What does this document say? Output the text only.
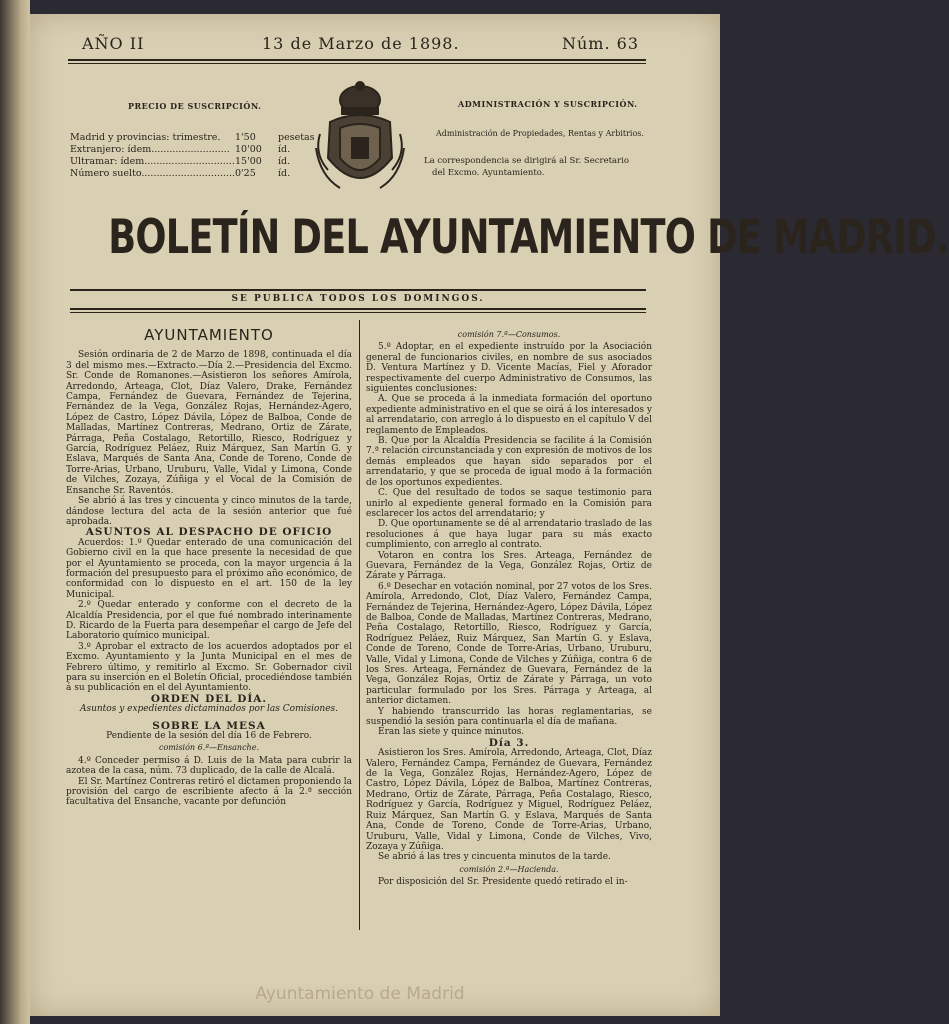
AÑO II	13 de Marzo de 1898.	Núm. 63
PRECIO DE SUSCRIPCIÓN.
Madrid y provincias: trimestre. 1'50 pesetas
Extranjero: ídem.......................... 10'00 íd.
Ultramar: ídem.............................. 15'00 íd.
Número suelto............................... 0'25 íd.
ADMINISTRACIÓN Y SUSCRIPCIÓN.
Administración de Propiedades, Rentas y Arbitrios.
La correspondencia se dirigirá al Sr. Secretario
del Excmo. Ayuntamiento.
BOLETÍN DEL AYUNTAMIENTO DE MADRID.
SE PUBLICA TODOS LOS DOMINGOS.

AYUNTAMIENTO

Sesión ordinaria de 2 de Marzo de 1898, continuada el día 3 del mismo mes.—Extracto.—Día 2.—Presidencia del Excmo. Sr. Conde de Romanones.—Asistieron los señores Amírola, Arredondo, Arteaga, Clot, Díaz Valero, Drake, Fernández Campa, Fernández de Guevara, Fernández de Tejerina, Fernández de la Vega, González Rojas, Hernández-Agero, López de Castro, López Dávila, López de Balboa, Conde de Malladas, Martínez Contreras, Medrano, Ortiz de Zárate, Párraga, Peña Costalago, Retortillo, Riesco, Rodríguez y García, Rodríguez Peláez, Ruiz Márquez, San Martín G. y Eslava, Marqués de Santa Ana, Conde de Toreno, Conde de Torre-Arias, Urbano, Uruburu, Valle, Vidal y Limona, Conde de Vilches, Zozaya, Zúñiga y el Vocal de la Comisión de Ensanche Sr. Raventós.

Se abrió á las tres y cincuenta y cinco minutos de la tarde, dándose lectura del acta de la sesión anterior que fué aprobada.

ASUNTOS AL DESPACHO DE OFICIO

Acuerdos: 1.º Quedar enterado de una comunicación del Gobierno civil en la que hace presente la necesidad de que por el Ayuntamiento se proceda, con la mayor urgencia á la formación del presupuesto para el próximo año económico, de conformidad con lo dispuesto en el art. 150 de la ley Municipal.

2.º Quedar enterado y conforme con el decreto de la Alcaldía Presidencia, por el que fué nombrado interinamente D. Ricardo de la Fuerta para desempeñar el cargo de Jefe del Laboratorio químico municipal.

3.º Aprobar el extracto de los acuerdos adoptados por el Excmo. Ayuntamiento y la Junta Municipal en el mes de Febrero último, y remitirlo al Excmo. Sr. Gobernador civil para su inserción en el Boletín Oficial, procediéndose también á su publicación en el del Ayuntamiento.

ORDEN DEL DÍA.

Asuntos y expedientes dictaminados por las Comisiones.

SOBRE LA MESA

Pendiente de la sesión del día 16 de Febrero.

comisión 6.ª—Ensanche.

4.º Conceder permiso á D. Luis de la Mata para cubrir la azotea de la casa, núm. 73 duplicado, de la calle de Alcalá.

El Sr. Martínez Contreras retiró el dictamen proponiendo la provisión del cargo de escribiente afecto á la 2.ª sección facultativa del Ensanche, vacante por defunción

comisión 7.ª—Consumos.

5.º Adoptar, en el expediente instruído por la Asociación general de funcionarios civiles, en nombre de sus asociados D. Ventura Martínez y D. Vicente Macías, Fiel y Aforador respectivamente del cuerpo Administrativo de Consumos, las siguientes conclusiones:

A. Que se proceda á la inmediata formación del oportuno expediente administrativo en el que se oirá á los interesados y al arrendatario, con arreglo á lo dispuesto en el capítulo V del reglamento de Empleados.

B. Que por la Alcaldía Presidencia se facilite á la Comisión 7.ª relación circunstanciada y con expresión de motivos de los demás empleados que hayan sido separados por el arrendatario, y que se proceda de igual modo á la formación de los oportunos expedientes.

C. Que del resultado de todos se saque testimonio para unirlo al expediente general formado en la Comisión para esclarecer los actos del arrendatario; y

D. Que oportunamente se dé al arrendatario traslado de las resoluciones á que haya lugar para su más exacto cumplimiento, con arreglo al contrato.

Votaron en contra los Sres. Arteaga, Fernández de Guevara, Fernández de la Vega, González Rojas, Ortiz de Zárate y Párraga.

6.º Desechar en votación nominal, por 27 votos de los Sres. Amírola, Arredondo, Clot, Díaz Valero, Fernández Campa, Fernández de Tejerina, Hernández-Agero, López Dávila, López de Balboa, Conde de Malladas, Martínez Contreras, Medrano, Peña Costalago, Retortillo, Riesco, Rodríguez y García, Rodríguez Peláez, Ruiz Márquez, San Martín G. y Eslava, Conde de Toreno, Conde de Torre-Arias, Urbano, Uruburu, Valle, Vidal y Limona, Conde de Vilches y Zúñiga, contra 6 de los Sres. Arteaga, Fernández de Guevara, Fernández de la Vega, González Rojas, Ortiz de Zárate y Párraga, un voto particular formulado por los Sres. Párraga y Arteaga, al anterior dictamen.

Y habiendo transcurrido las horas reglamentarias, se suspendió la sesión para continuarla el día de mañana.

Eran las siete y quince minutos.

Día 3.

Asistieron los Sres. Amírola, Arredondo, Arteaga, Clot, Díaz Valero, Fernández Campa, Fernández de Guevara, Fernández de la Vega, González Rojas, Hernández-Agero, López de Castro, López Dávila, López de Balboa, Martínez Contreras, Medrano, Ortiz de Zárate, Párraga, Peña Costalago, Riesco, Rodríguez y García, Rodríguez y Miguel, Rodríguez Peláez, Ruiz Márquez, San Martín G. y Eslava, Marqués de Santa Ana, Conde de Toreno, Conde de Torre-Arias, Urbano, Uruburu, Valle, Vidal y Limona, Conde de Vilches, Vivo, Zozaya y Zúñiga.

Se abrió á las tres y cincuenta minutos de la tarde.

comisión 2.ª—Hacienda.

Por disposición del Sr. Presidente quedó retirado el in-

Ayuntamiento de Madrid
